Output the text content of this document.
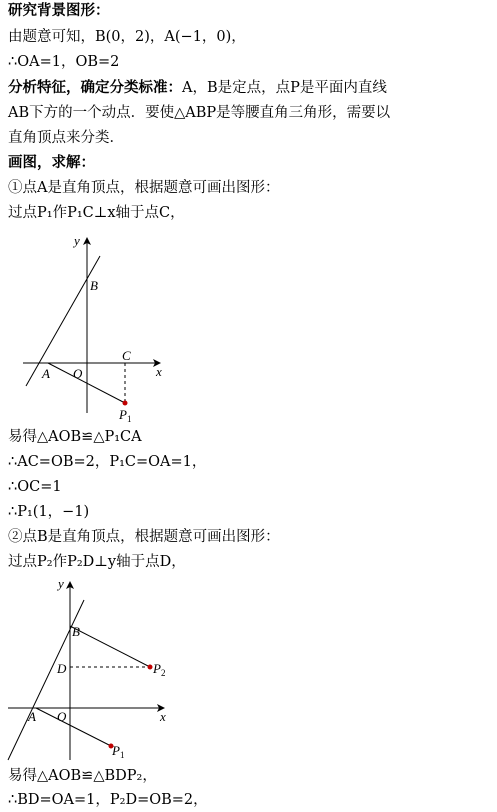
研究背景图形：
由题意可知，B(0，2)，A(−1，0)，
∴OA=1，OB=2
分析特征，确定分类标准：A，B是定点，点P是平面内直线
AB下方的一个动点．要使△ABP是等腰直角三角形，需要以
直角顶点来分类．
画图，求解：
①点A是直角顶点，根据题意可画出图形：
过点P₁作P₁C⊥x轴于点C，
y
x
B
C
A O
$P_1$
易得△AOB≌△P₁CA
∴AC=OB=2，P₁C=OA=1，
∴OC=1
∴P₁(1，−1)
②点B是直角顶点，根据题意可画出图形：
过点P₂作P₂D⊥y轴于点D，
y
x
B
D
A O
$P_2$
$P_1$
易得△AOB≌△BDP₂，
∴BD=OA=1，P₂D=OB=2，
